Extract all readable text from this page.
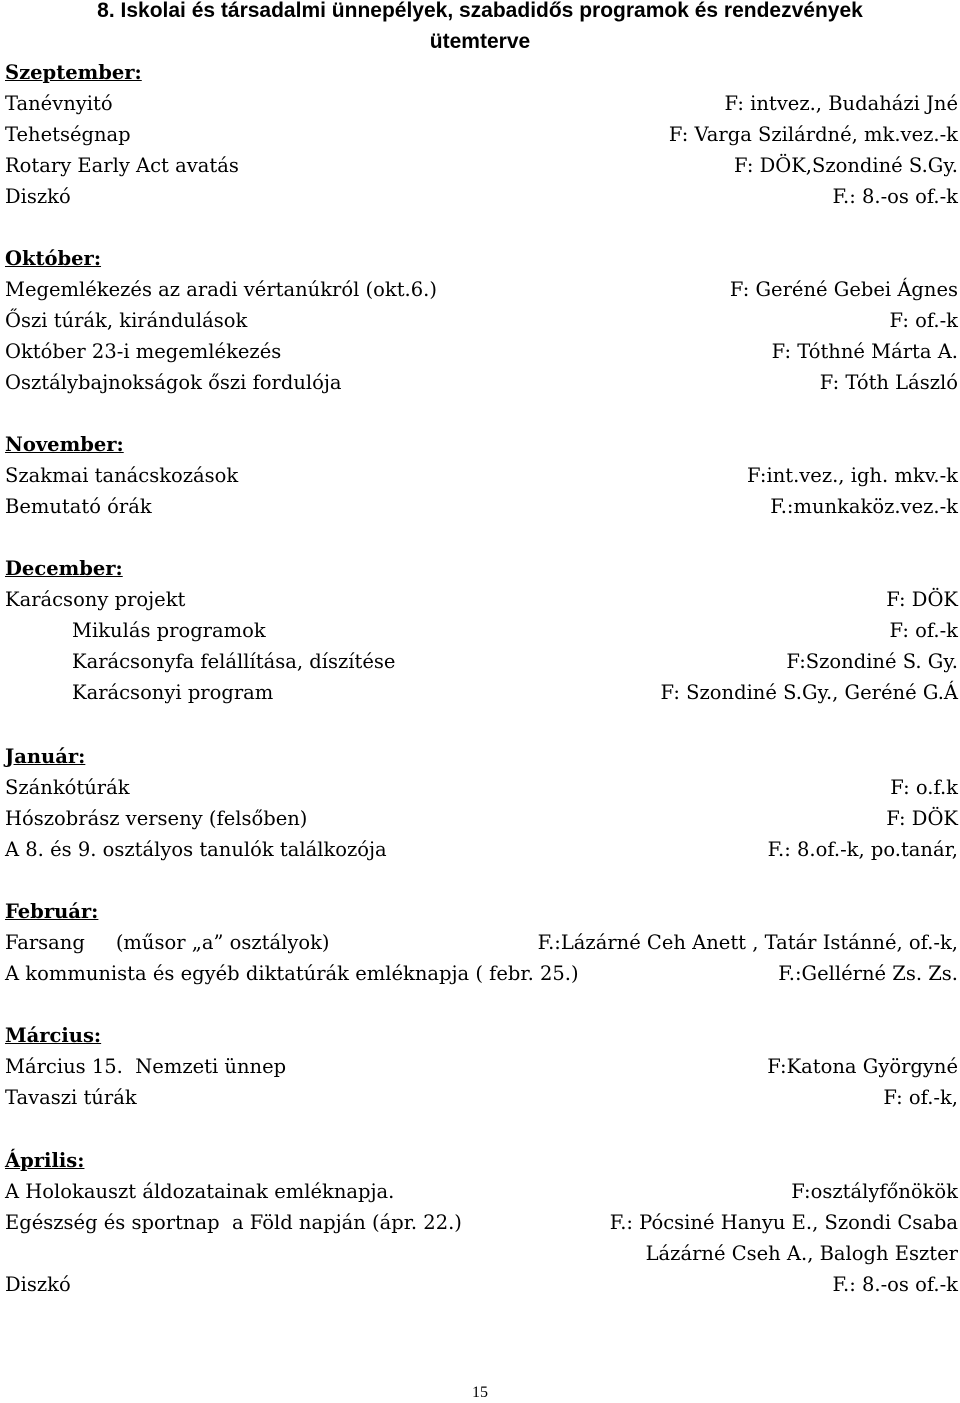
8. Iskolai és társadalmi ünnepélyek, szabadidős programok és rendezvények
ütemterve
Szeptember:
Tanévnyitó	F: intvez., Budaházi Jné
Tehetségnap	F: Varga Szilárdné, mk.vez.-k
Rotary Early Act avatás	F: DÖK,Szondiné S.Gy.
Diszkó	F.: 8.-os of.-k
Október:
Megemlékezés az aradi vértanúkról (okt.6.)	F: Geréné Gebei Ágnes
Őszi túrák, kirándulások	F: of.-k
Október 23-i megemlékezés	F: Tóthné Márta A.
Osztálybajnokságok őszi fordulója	F: Tóth László
November:
Szakmai tanácskozások	F:int.vez., igh. mkv.-k
Bemutató órák	F.:munkaköz.vez.-k
December:
Karácsony projekt	F: DÖK
Mikulás programok	F: of.-k
Karácsonyfa felállítása, díszítése	F:Szondiné S. Gy.
Karácsonyi program	F: Szondiné S.Gy., Geréné G.Á
Január:
Szánkótúrák	F: o.f.k
Hószobrász verseny (felsőben)	F: DÖK
A 8. és 9. osztályos tanulók találkozója	F.: 8.of.-k, po.tanár,
Február:
Farsang     (műsor „a” osztályok)	F.:Lázárné Ceh Anett , Tatár Istánné, of.-k,
A kommunista és egyéb diktatúrák emléknapja ( febr. 25.)	F.:Gellérné Zs. Zs.
Március:
Március 15.  Nemzeti ünnep	F:Katona Györgyné
Tavaszi túrák	F: of.-k,
Április:
A Holokauszt áldozatainak emléknapja.	F:osztályfőnökök
Egészség és sportnap  a Föld napján (ápr. 22.)	F.: Pócsiné Hanyu E., Szondi Csaba
Lázárné Cseh A., Balogh Eszter
Diszkó	F.: 8.-os of.-k
15
